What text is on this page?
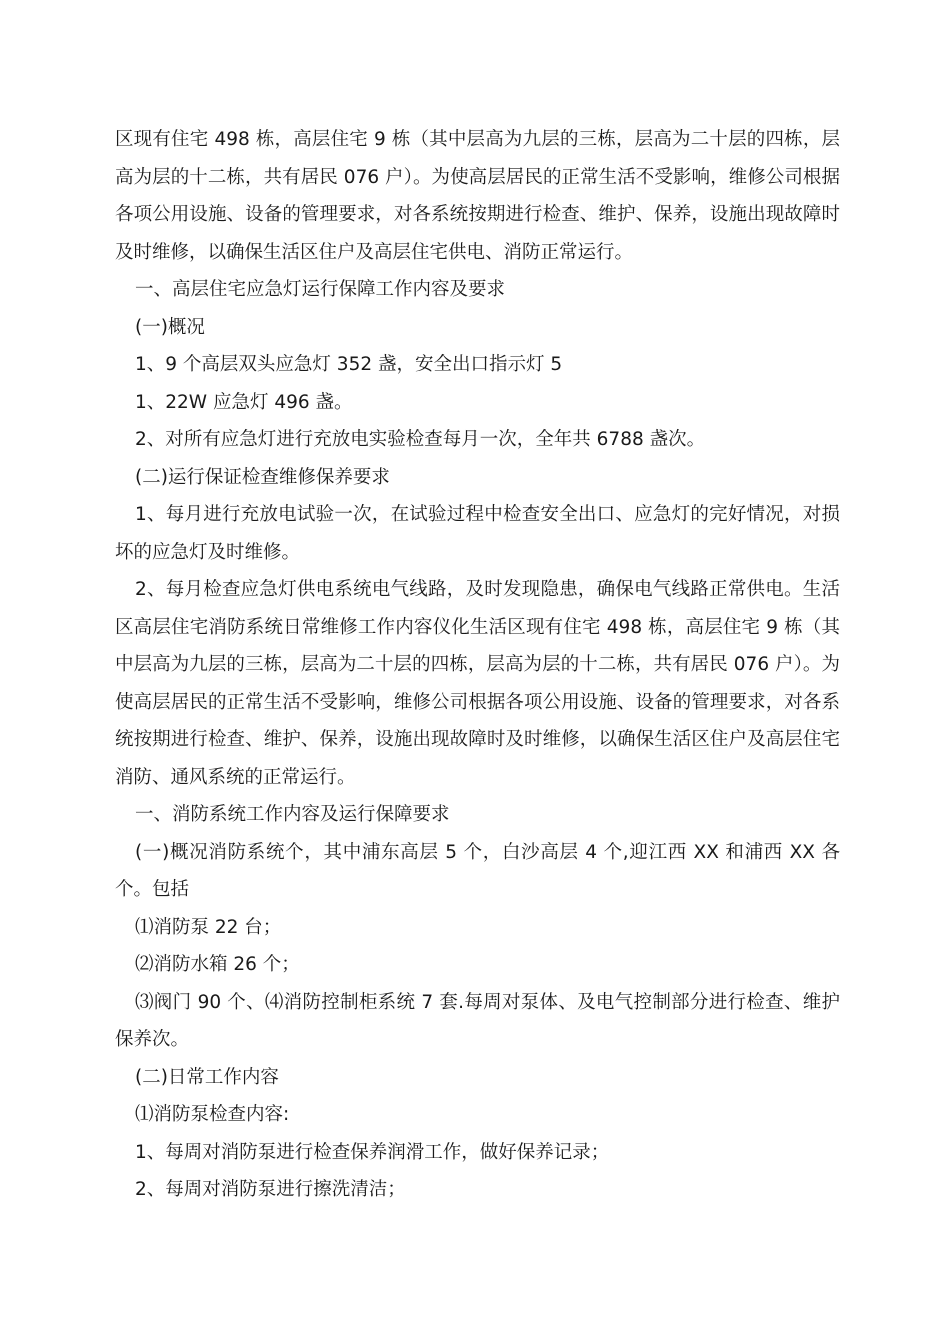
区现有住宅 498 栋，高层住宅 9 栋（其中层高为九层的三栋，层高为二十层的四栋，层高为层的十二栋，共有居民 076 户）。为使高层居民的正常生活不受影响，维修公司根据各项公用设施、设备的管理要求，对各系统按期进行检查、维护、保养，设施出现故障时及时维修，以确保生活区住户及高层住宅供电、消防正常运行。

一、高层住宅应急灯运行保障工作内容及要求

(一)概况

1、9 个高层双头应急灯 352 盏，安全出口指示灯 5

1、22W 应急灯 496 盏。

2、对所有应急灯进行充放电实验检查每月一次，全年共 6788 盏次。

(二)运行保证检查维修保养要求

1、每月进行充放电试验一次，在试验过程中检查安全出口、应急灯的完好情况，对损坏的应急灯及时维修。

2、每月检查应急灯供电系统电气线路，及时发现隐患，确保电气线路正常供电。生活区高层住宅消防系统日常维修工作内容仪化生活区现有住宅 498 栋，高层住宅 9 栋（其中层高为九层的三栋，层高为二十层的四栋，层高为层的十二栋，共有居民 076 户）。为使高层居民的正常生活不受影响，维修公司根据各项公用设施、设备的管理要求，对各系统按期进行检查、维护、保养，设施出现故障时及时维修，以确保生活区住户及高层住宅消防、通风系统的正常运行。

一、消防系统工作内容及运行保障要求

(一)概况消防系统个，其中浦东高层 5 个，白沙高层 4 个,迎江西 XX 和浦西 XX 各个。包括

⑴消防泵 22 台；

⑵消防水箱 26 个；

⑶阀门 90 个、⑷消防控制柜系统 7 套.每周对泵体、及电气控制部分进行检查、维护保养次。

(二)日常工作内容

⑴消防泵检查内容:

1、每周对消防泵进行检查保养润滑工作，做好保养记录；

2、每周对消防泵进行擦洗清洁；
